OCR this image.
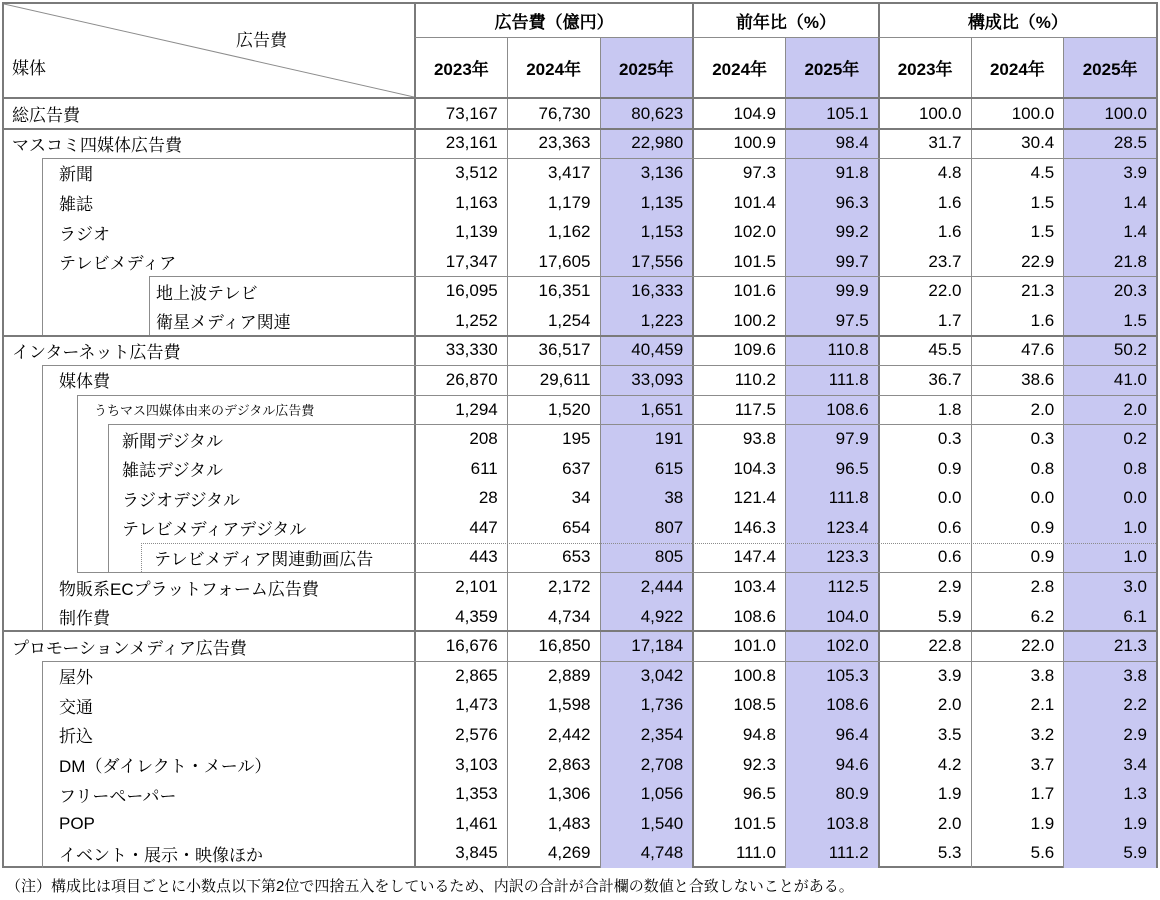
広告費
媒体
広告費（億円）	前年比（%）	構成比（%）
2023年	2024年	2025年	2024年	2025年	2023年	2024年	2025年
総広告費	73,167	76,730	80,623	104.9	105.1	100.0	100.0	100.0
マスコミ四媒体広告費	23,161	23,363	22,980	100.9	98.4	31.7	30.4	28.5
新聞	3,512	3,417	3,136	97.3	91.8	4.8	4.5	3.9
雑誌	1,163	1,179	1,135	101.4	96.3	1.6	1.5	1.4
ラジオ	1,139	1,162	1,153	102.0	99.2	1.6	1.5	1.4
テレビメディア	17,347	17,605	17,556	101.5	99.7	23.7	22.9	21.8
地上波テレビ	16,095	16,351	16,333	101.6	99.9	22.0	21.3	20.3
衛星メディア関連	1,252	1,254	1,223	100.2	97.5	1.7	1.6	1.5
インターネット広告費	33,330	36,517	40,459	109.6	110.8	45.5	47.6	50.2
媒体費	26,870	29,611	33,093	110.2	111.8	36.7	38.6	41.0
うちマス四媒体由来のデジタル広告費	1,294	1,520	1,651	117.5	108.6	1.8	2.0	2.0
新聞デジタル	208	195	191	93.8	97.9	0.3	0.3	0.2
雑誌デジタル	611	637	615	104.3	96.5	0.9	0.8	0.8
ラジオデジタル	28	34	38	121.4	111.8	0.0	0.0	0.0
テレビメディアデジタル	447	654	807	146.3	123.4	0.6	0.9	1.0
テレビメディア関連動画広告	443	653	805	147.4	123.3	0.6	0.9	1.0
物販系ECプラットフォーム広告費	2,101	2,172	2,444	103.4	112.5	2.9	2.8	3.0
制作費	4,359	4,734	4,922	108.6	104.0	5.9	6.2	6.1
プロモーションメディア広告費	16,676	16,850	17,184	101.0	102.0	22.8	22.0	21.3
屋外	2,865	2,889	3,042	100.8	105.3	3.9	3.8	3.8
交通	1,473	1,598	1,736	108.5	108.6	2.0	2.1	2.2
折込	2,576	2,442	2,354	94.8	96.4	3.5	3.2	2.9
DM（ダイレクト・メール）	3,103	2,863	2,708	92.3	94.6	4.2	3.7	3.4
フリーペーパー	1,353	1,306	1,056	96.5	80.9	1.9	1.7	1.3
POP	1,461	1,483	1,540	101.5	103.8	2.0	1.9	1.9
イベント・展示・映像ほか	3,845	4,269	4,748	111.0	111.2	5.3	5.6	5.9
（注）構成比は項目ごとに小数点以下第2位で四捨五入をしているため、内訳の合計が合計欄の数値と合致しないことがある。
